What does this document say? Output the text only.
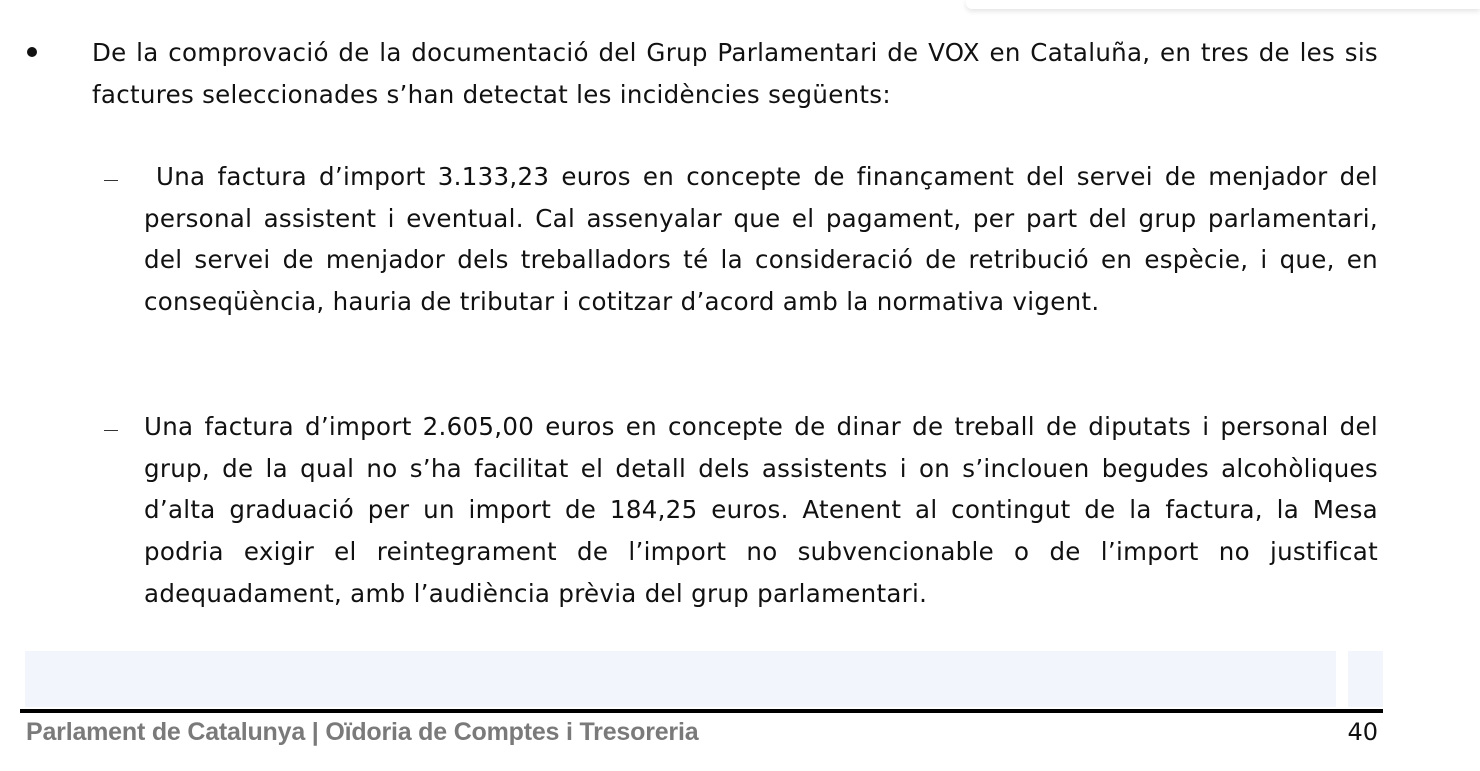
De la comprovació de la documentació del Grup Parlamentari de VOX en Cataluña, en tres de les sis factures seleccionades s’han detectat les incidències següents:
Una factura d’import 3.133,23 euros en concepte de finançament del servei de menjador del personal assistent i eventual. Cal assenyalar que el pagament, per part del grup parlamentari, del servei de menjador dels treballadors té la consideració de retribució en espècie, i que, en conseqüència, hauria de tributar i cotitzar d’acord amb la normativa vigent.
Una factura d’import 2.605,00 euros en concepte de dinar de treball de diputats i personal del grup, de la qual no s’ha facilitat el detall dels assistents i on s’inclouen begudes alcohòliques d’alta graduació per un import de 184,25 euros. Atenent al contingut de la factura, la Mesa podria exigir el reintegrament de l’import no subvencionable o de l’import no justificat adequadament, amb l’audiència prèvia del grup parlamentari.
Parlament de Catalunya | Oïdoria de Comptes i Tresoreria	40
